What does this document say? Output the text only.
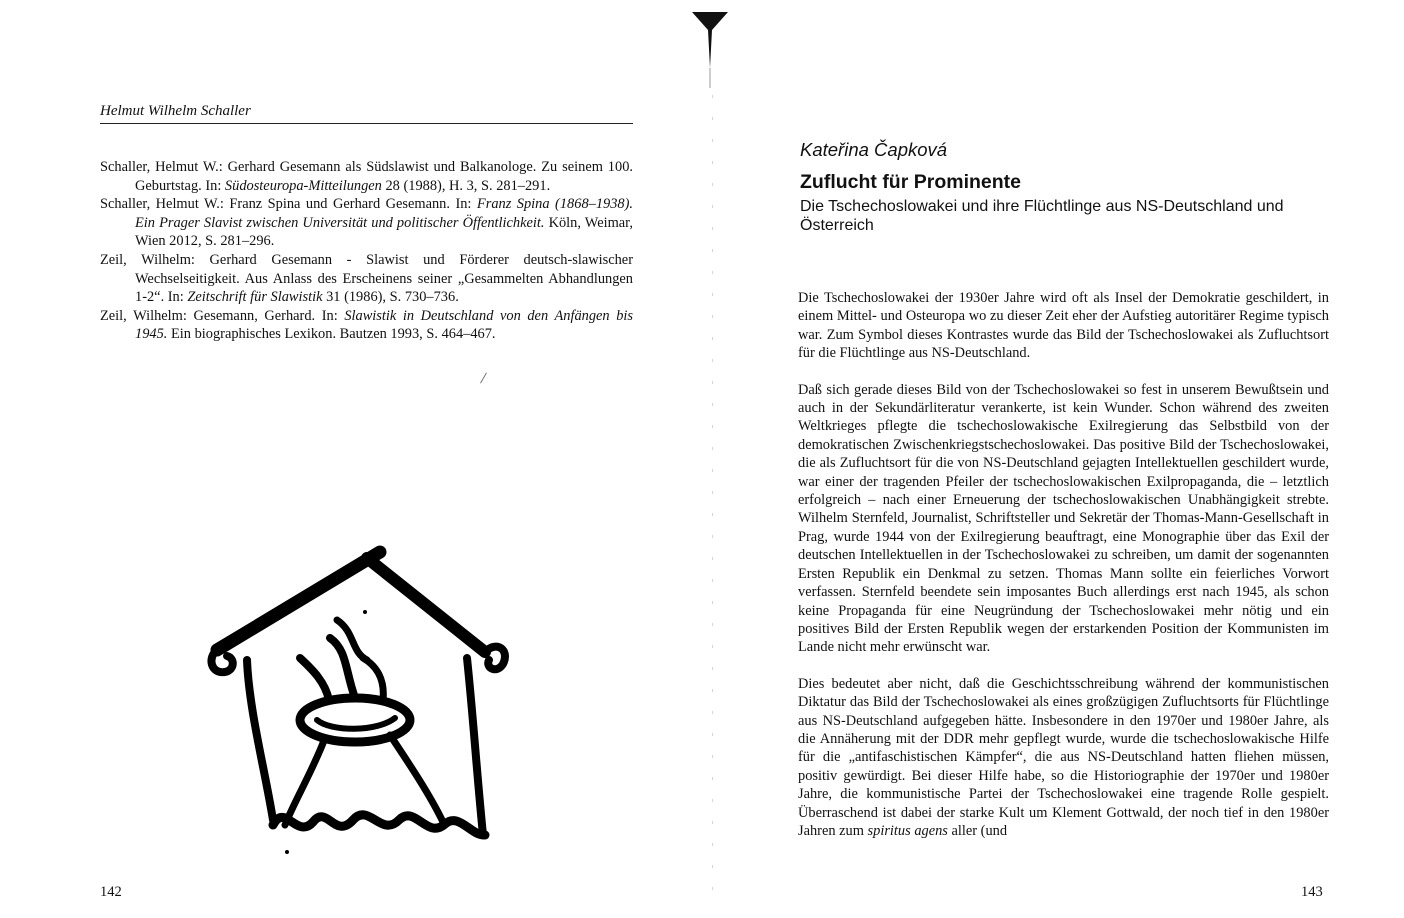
Helmut Wilhelm Schaller
Schaller, Helmut W.: Gerhard Gesemann als Südslawist und Balkanologe. Zu seinem 100. Geburtstag. In: Südosteuropa-Mitteilungen 28 (1988), H. 3, S. 281–291.
Schaller, Helmut W.: Franz Spina und Gerhard Gesemann. In: Franz Spina (1868–1938). Ein Prager Slavist zwischen Universität und politischer Öffentlichkeit. Köln, Weimar, Wien 2012, S. 281–296.
Zeil, Wilhelm: Gerhard Gesemann - Slawist und Förderer deutsch-slawischer Wechselseitigkeit. Aus Anlass des Erscheinens seiner „Gesammelten Abhandlungen 1-2“. In: Zeitschrift für Slawistik 31 (1986), S. 730–736.
Zeil, Wilhelm: Gesemann, Gerhard. In: Slawistik in Deutschland von den Anfängen bis 1945. Ein biographisches Lexikon. Bautzen 1993, S. 464–467.
142
Kateřina Čapková
Zuflucht für Prominente
Die Tschechoslowakei und ihre Flüchtlinge aus NS-Deutschland und Österreich

Die Tschechoslowakei der 1930er Jahre wird oft als Insel der Demokratie geschildert, in einem Mittel- und Osteuropa wo zu dieser Zeit eher der Aufstieg autoritärer Regime typisch war. Zum Symbol dieses Kontrastes wurde das Bild der Tschechoslowakei als Zufluchtsort für die Flüchtlinge aus NS-Deutschland.

Daß sich gerade dieses Bild von der Tschechoslowakei so fest in unserem Bewußtsein und auch in der Sekundärliteratur verankerte, ist kein Wunder. Schon während des zweiten Weltkrieges pflegte die tschechoslowakische Exilregierung das Selbstbild von der demokratischen Zwischenkriegstschechoslowakei. Das positive Bild der Tschechoslowakei, die als Zufluchtsort für die von NS-Deutschland gejagten Intellektuellen geschildert wurde, war einer der tragenden Pfeiler der tschechoslowakischen Exilpropaganda, die – letztlich erfolgreich – nach einer Erneuerung der tschechoslowakischen Unabhängigkeit strebte. Wilhelm Sternfeld, Journalist, Schriftsteller und Sekretär der Thomas-Mann-Gesellschaft in Prag, wurde 1944 von der Exilregierung beauftragt, eine Monographie über das Exil der deutschen Intellektuellen in der Tschechoslowakei zu schreiben, um damit der sogenannten Ersten Republik ein Denkmal zu setzen. Thomas Mann sollte ein feierliches Vorwort verfassen. Sternfeld beendete sein imposantes Buch allerdings erst nach 1945, als schon keine Propaganda für eine Neugründung der Tschechoslowakei mehr nötig und ein positives Bild der Ersten Republik wegen der erstarkenden Position der Kommunisten im Lande nicht mehr erwünscht war.

Dies bedeutet aber nicht, daß die Geschichtsschreibung während der kommunistischen Diktatur das Bild der Tschechoslowakei als eines großzügigen Zufluchtsorts für Flüchtlinge aus NS-Deutschland aufgegeben hätte. Insbesondere in den 1970er und 1980er Jahre, als die Annäherung mit der DDR mehr gepflegt wurde, wurde die tschechoslowakische Hilfe für die „antifaschistischen Kämpfer“, die aus NS-Deutschland hatten fliehen müssen, positiv gewürdigt. Bei dieser Hilfe habe, so die Historiographie der 1970er und 1980er Jahre, die kommunistische Partei der Tschechoslowakei eine tragende Rolle gespielt. Überraschend ist dabei der starke Kult um Klement Gottwald, der noch tief in den 1980er Jahren zum spiritus agens aller (und

143
